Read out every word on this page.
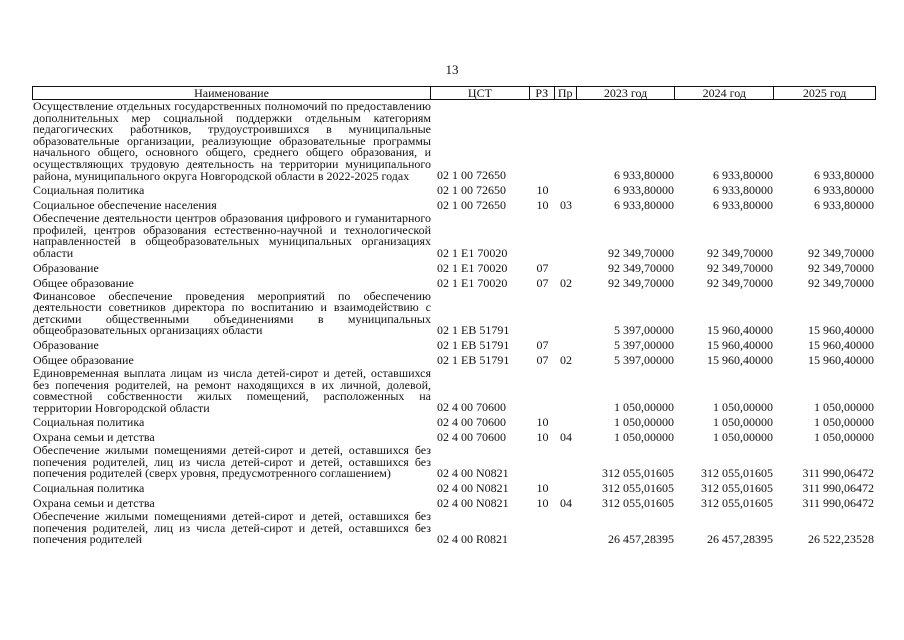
13
Наименование	ЦСТ	РЗ Пр	2023 год	2024 год	2025 год
Осуществление отдельных государственных полномочий по предоставлению дополнительных мер социальной поддержки отдельным категориям педагогических работников, трудоустроившихся в муниципальные образовательные организации, реализующие образовательные программы начального общего, основного общего, среднего общего образования, и осуществляющих трудовую деятельность на территории муниципального района, муниципального округа Новгородской области в 2022-2025 годах	02 1 00 72650	6 933,80000	6 933,80000	6 933,80000
Социальная политика	02 1 00 72650	10	6 933,80000	6 933,80000	6 933,80000
Социальное обеспечение населения	02 1 00 72650	10 03	6 933,80000	6 933,80000	6 933,80000
Обеспечение деятельности центров образования цифрового и гуманитарного профилей, центров образования естественно-научной и технологической направленностей в общеобразовательных муниципальных организациях области	02 1 E1 70020	92 349,70000	92 349,70000	92 349,70000
Образование	02 1 E1 70020	07	92 349,70000	92 349,70000	92 349,70000
Общее образование	02 1 E1 70020	07 02	92 349,70000	92 349,70000	92 349,70000
Финансовое обеспечение проведения мероприятий по обеспечению деятельности советников директора по воспитанию и взаимодействию с детскими общественными объединениями в муниципальных общеобразовательных организациях области	02 1 EB 51791	5 397,00000	15 960,40000	15 960,40000
Образование	02 1 EB 51791	07	5 397,00000	15 960,40000	15 960,40000
Общее образование	02 1 EB 51791	07 02	5 397,00000	15 960,40000	15 960,40000
Единовременная выплата лицам из числа детей-сирот и детей, оставшихся без попечения родителей, на ремонт находящихся в их личной, долевой, совместной собственности жилых помещений, расположенных на территории Новгородской области	02 4 00 70600	1 050,00000	1 050,00000	1 050,00000
Социальная политика	02 4 00 70600	10	1 050,00000	1 050,00000	1 050,00000
Охрана семьи и детства	02 4 00 70600	10 04	1 050,00000	1 050,00000	1 050,00000
Обеспечение жилыми помещениями детей-сирот и детей, оставшихся без попечения родителей, лиц из числа детей-сирот и детей, оставшихся без попечения родителей (сверх уровня, предусмотренного соглашением)	02 4 00 N0821	312 055,01605	312 055,01605	311 990,06472
Социальная политика	02 4 00 N0821	10	312 055,01605	312 055,01605	311 990,06472
Охрана семьи и детства	02 4 00 N0821	10 04	312 055,01605	312 055,01605	311 990,06472
Обеспечение жилыми помещениями детей-сирот и детей, оставшихся без попечения родителей, лиц из числа детей-сирот и детей, оставшихся без попечения родителей	02 4 00 R0821	26 457,28395	26 457,28395	26 522,23528
